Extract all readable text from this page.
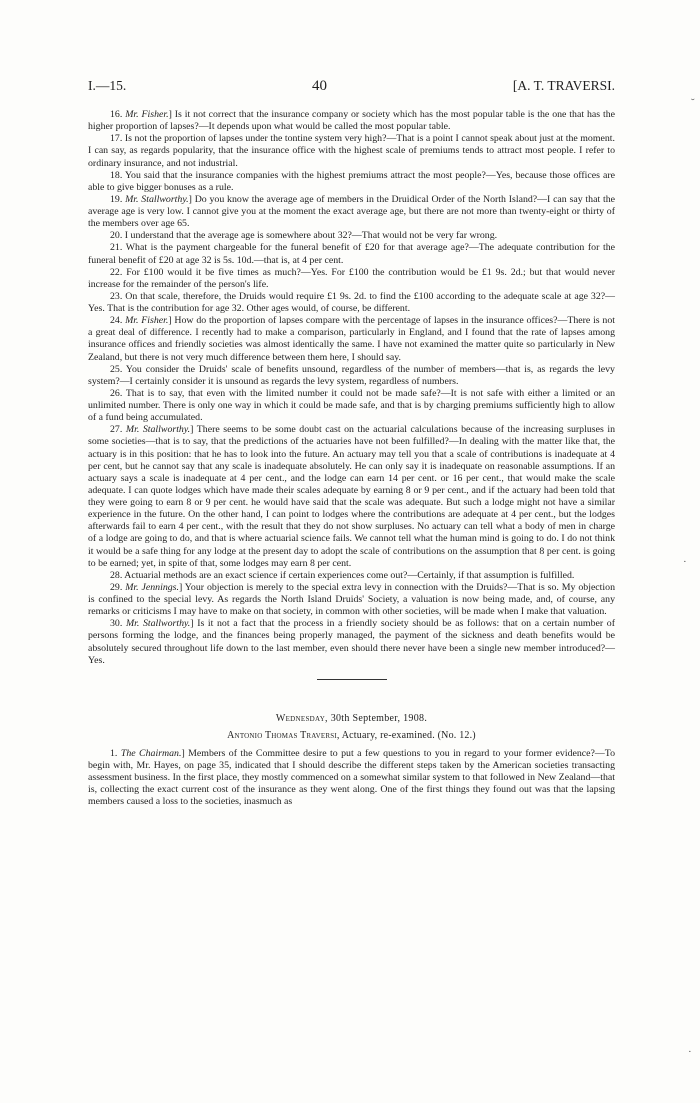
I.—15.	40	[A. T. TRAVERSI.

16. Mr. Fisher.] Is it not correct that the insurance company or society which has the most popular table is the one that has the higher proportion of lapses?—It depends upon what would be called the most popular table.

17. Is not the proportion of lapses under the tontine system very high?—That is a point I cannot speak about just at the moment. I can say, as regards popularity, that the insurance office with the highest scale of premiums tends to attract most people. I refer to ordinary insurance, and not industrial.

18. You said that the insurance companies with the highest premiums attract the most people?—Yes, because those offices are able to give bigger bonuses as a rule.

19. Mr. Stallworthy.] Do you know the average age of members in the Druidical Order of the North Island?—I can say that the average age is very low. I cannot give you at the moment the exact average age, but there are not more than twenty-eight or thirty of the members over age 65.

20. I understand that the average age is somewhere about 32?—That would not be very far wrong.

21. What is the payment chargeable for the funeral benefit of £20 for that average age?—The adequate contribution for the funeral benefit of £20 at age 32 is 5s. 10d.—that is, at 4 per cent.

22. For £100 would it be five times as much?—Yes. For £100 the contribution would be £1 9s. 2d.; but that would never increase for the remainder of the person's life.

23. On that scale, therefore, the Druids would require £1 9s. 2d. to find the £100 according to the adequate scale at age 32?—Yes. That is the contribution for age 32. Other ages would, of course, be different.

24. Mr. Fisher.] How do the proportion of lapses compare with the percentage of lapses in the insurance offices?—There is not a great deal of difference. I recently had to make a comparison, particularly in England, and I found that the rate of lapses among insurance offices and friendly societies was almost identically the same. I have not examined the matter quite so particularly in New Zealand, but there is not very much difference between them here, I should say.

25. You consider the Druids' scale of benefits unsound, regardless of the number of members—that is, as regards the levy system?—I certainly consider it is unsound as regards the levy system, regardless of numbers.

26. That is to say, that even with the limited number it could not be made safe?—It is not safe with either a limited or an unlimited number. There is only one way in which it could be made safe, and that is by charging premiums sufficiently high to allow of a fund being accumulated.

27. Mr. Stallworthy.] There seems to be some doubt cast on the actuarial calculations because of the increasing surpluses in some societies—that is to say, that the predictions of the actuaries have not been fulfilled?—In dealing with the matter like that, the actuary is in this position: that he has to look into the future. An actuary may tell you that a scale of contributions is inadequate at 4 per cent, but he cannot say that any scale is inadequate absolutely. He can only say it is inadequate on reasonable assumptions. If an actuary says a scale is inadequate at 4 per cent., and the lodge can earn 14 per cent. or 16 per cent., that would make the scale adequate. I can quote lodges which have made their scales adequate by earning 8 or 9 per cent., and if the actuary had been told that they were going to earn 8 or 9 per cent. he would have said that the scale was adequate. But such a lodge might not have a similar experience in the future. On the other hand, I can point to lodges where the contributions are adequate at 4 per cent., but the lodges afterwards fail to earn 4 per cent., with the result that they do not show surpluses. No actuary can tell what a body of men in charge of a lodge are going to do, and that is where actuarial science fails. We cannot tell what the human mind is going to do. I do not think it would be a safe thing for any lodge at the present day to adopt the scale of contributions on the assumption that 8 per cent. is going to be earned; yet, in spite of that, some lodges may earn 8 per cent.

28. Actuarial methods are an exact science if certain experiences come out?—Certainly, if that assumption is fulfilled.

29. Mr. Jennings.] Your objection is merely to the special extra levy in connection with the Druids?—That is so. My objection is confined to the special levy. As regards the North Island Druids' Society, a valuation is now being made, and, of course, any remarks or criticisms I may have to make on that society, in common with other societies, will be made when I make that valuation.

30. Mr. Stallworthy.] Is it not a fact that the process in a friendly society should be as follows: that on a certain number of persons forming the lodge, and the finances being properly managed, the payment of the sickness and death benefits would be absolutely secured throughout life down to the last member, even should there never have been a single new member introduced?—Yes.

Wednesday, 30th September, 1908.
Antonio Thomas Traversi, Actuary, re-examined. (No. 12.)

1. The Chairman.] Members of the Committee desire to put a few questions to you in regard to your former evidence?—To begin with, Mr. Hayes, on page 35, indicated that I should describe the different steps taken by the American societies transacting assessment business. In the first place, they mostly commenced on a somewhat similar system to that followed in New Zealand—that is, collecting the exact current cost of the insurance as they went along. One of the first things they found out was that the lapsing members caused a loss to the societies, inasmuch as

˘
·
·
